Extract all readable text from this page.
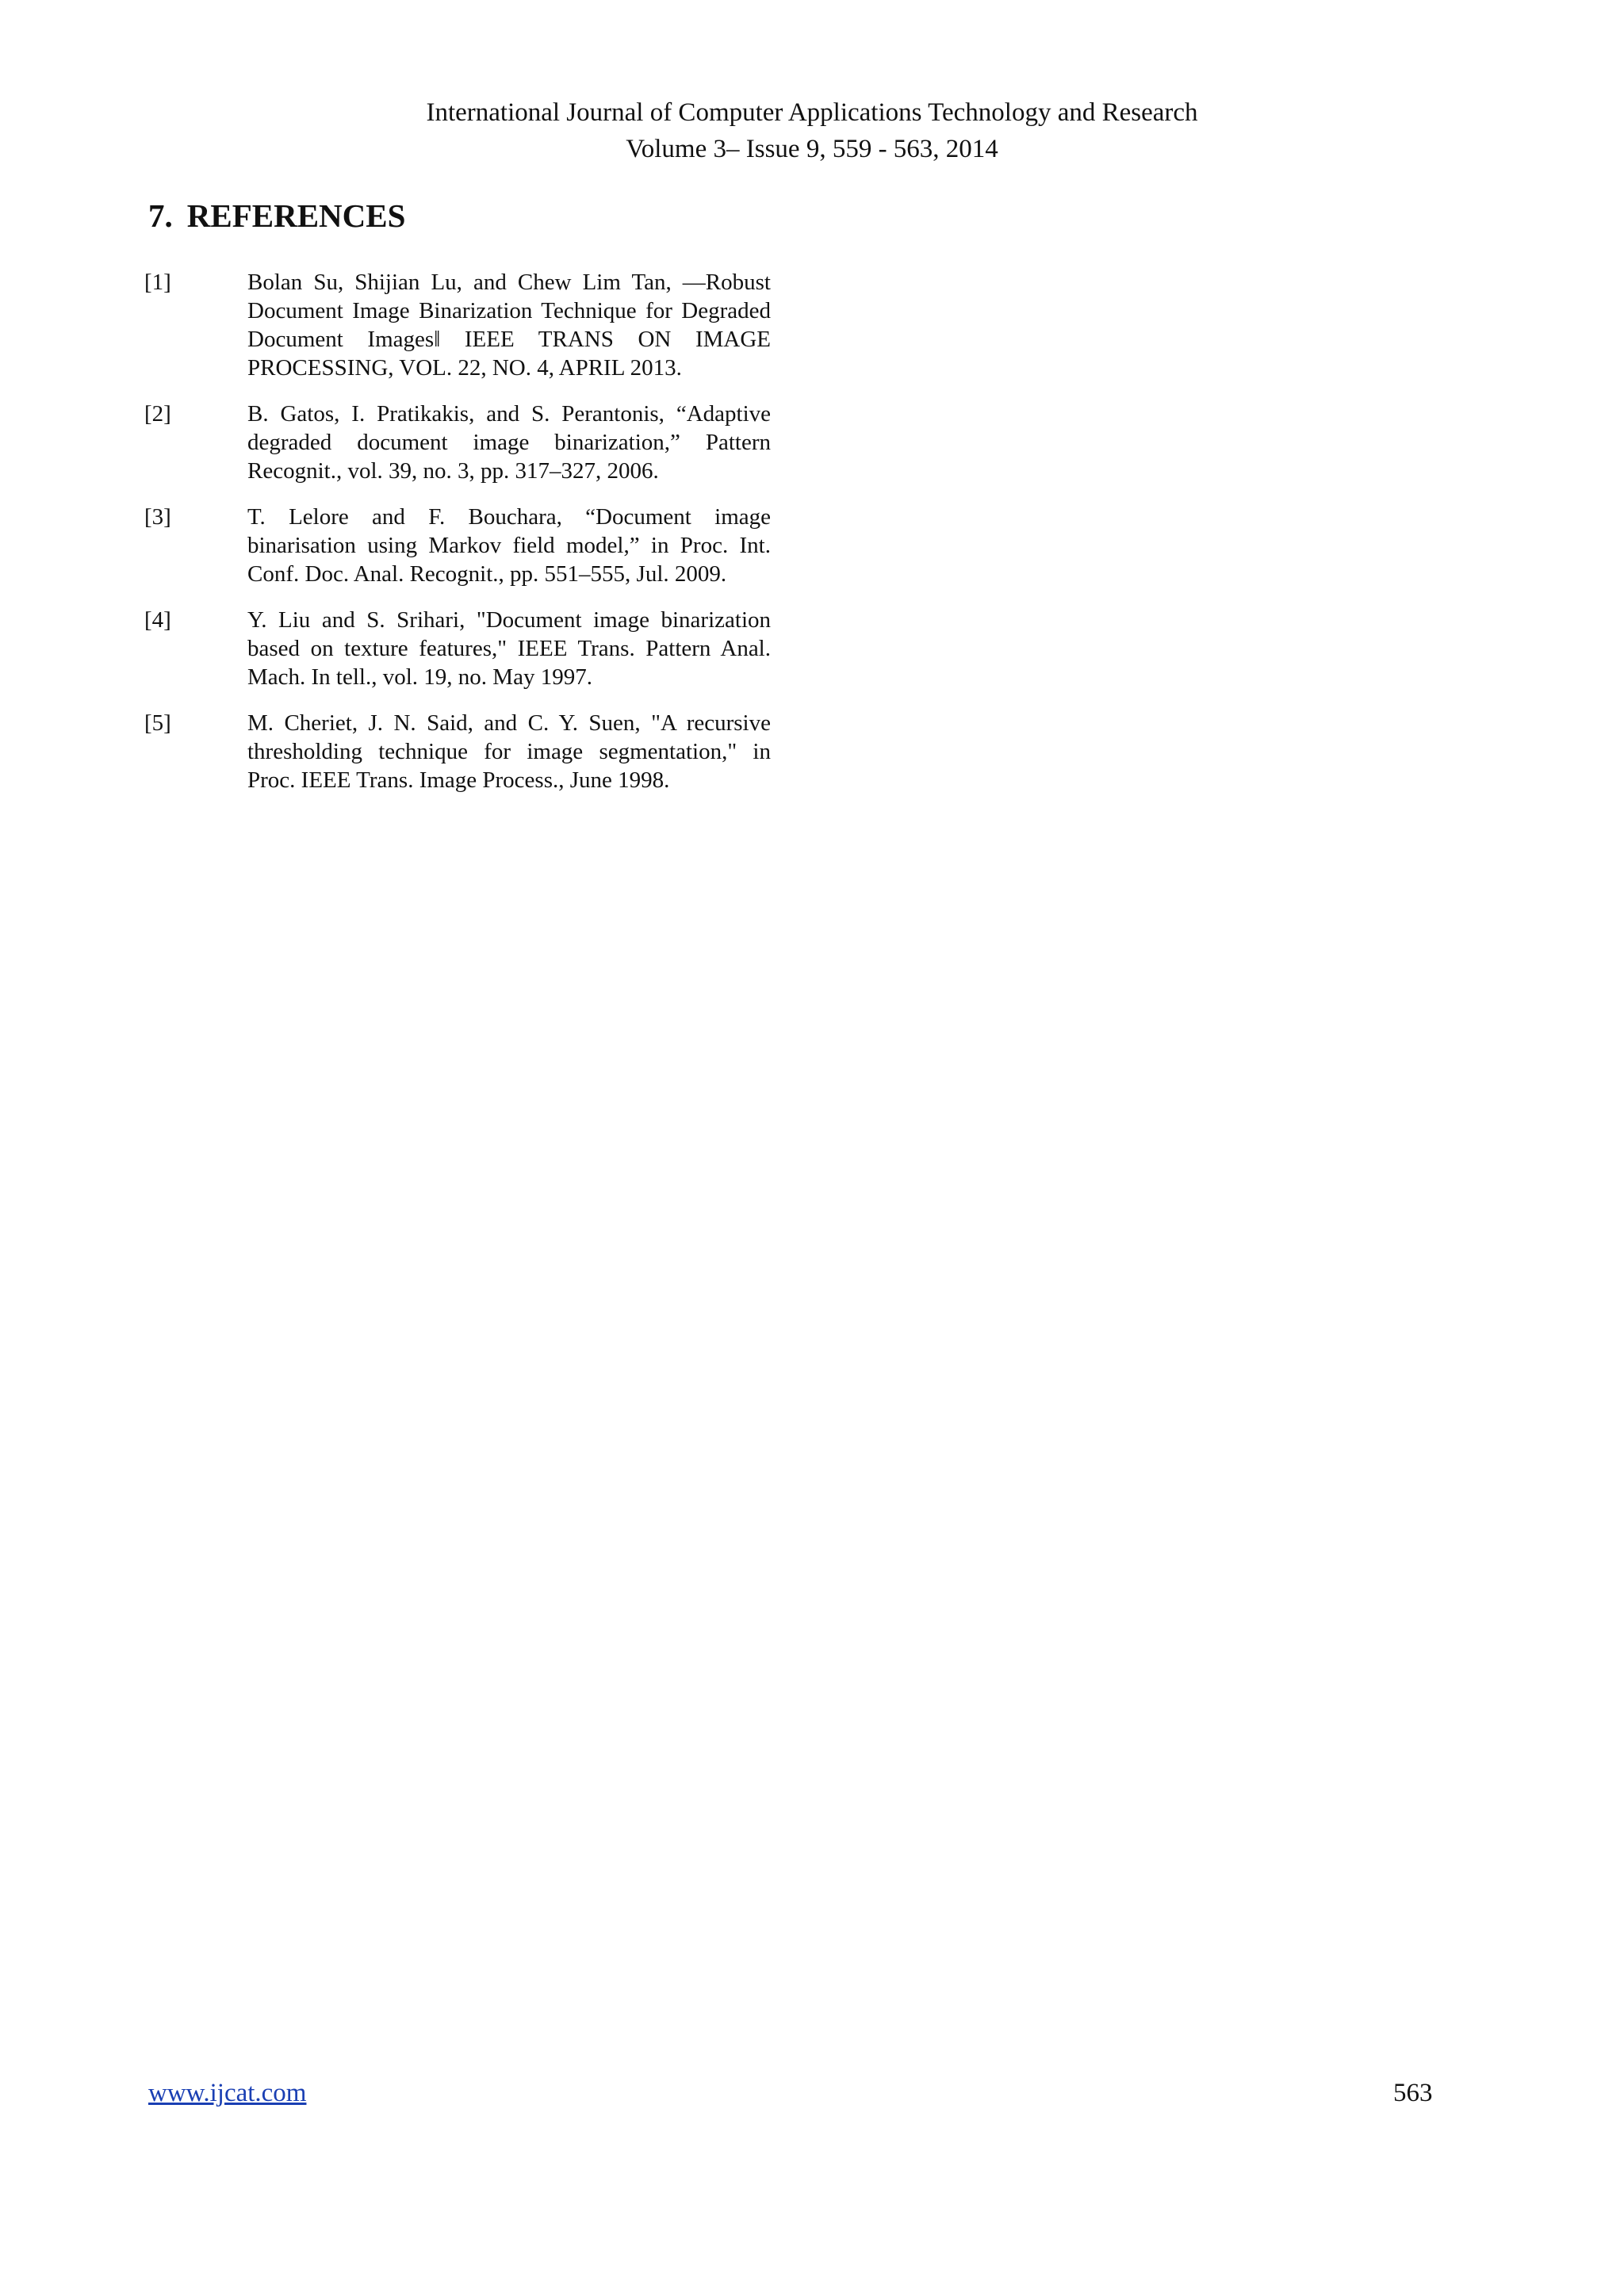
International Journal of Computer Applications Technology and Research
Volume 3– Issue 9, 559 - 563, 2014
7. REFERENCES
[1]	Bolan Su, Shijian Lu, and Chew Lim Tan, ―Robust Document Image Binarization Technique for Degraded Document Images‖ IEEE TRANS ON IMAGE PROCESSING, VOL. 22, NO. 4, APRIL 2013.
[2]	B. Gatos, I. Pratikakis, and S. Perantonis, “Adaptive degraded document image binarization,” Pattern Recognit., vol. 39, no. 3, pp. 317–327, 2006.
[3]	T. Lelore and F. Bouchara, “Document image binarisation using Markov field model,” in Proc. Int. Conf. Doc. Anal. Recognit., pp. 551–555, Jul. 2009.
[4]	Y. Liu and S. Srihari, "Document image binarization based on texture features," IEEE Trans. Pattern Anal. Mach. In tell., vol. 19, no. May 1997.
[5]	M. Cheriet, J. N. Said, and C. Y. Suen, "A recursive thresholding technique for image segmentation," in Proc. IEEE Trans. Image Process., June 1998.
www.ijcat.com	563
